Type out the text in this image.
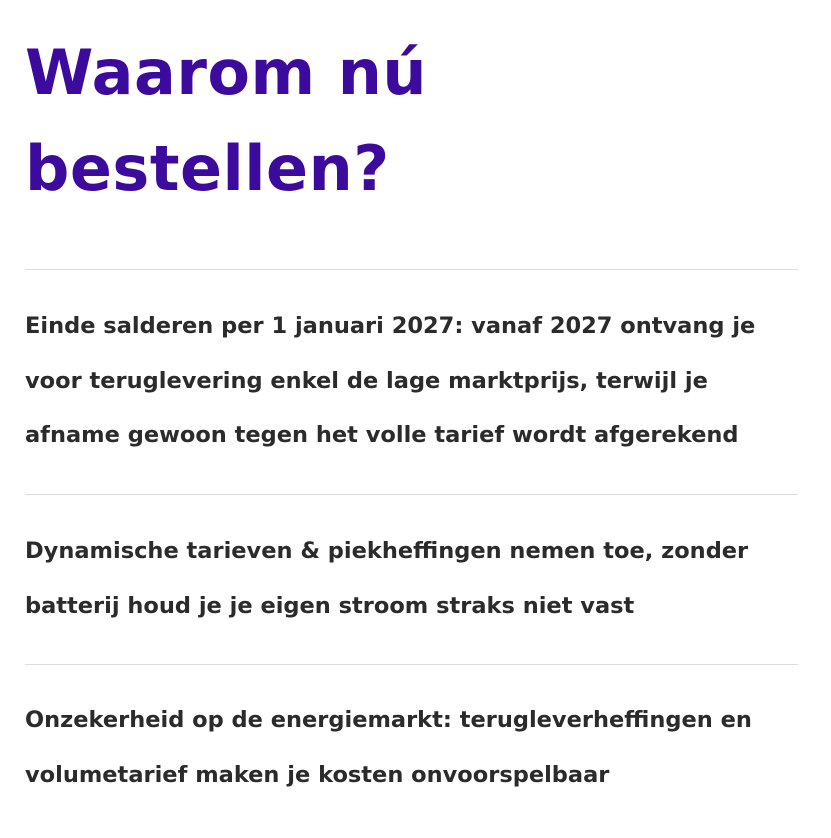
Waarom nú bestellen?

Einde salderen per 1 januari 2027: vanaf 2027 ontvang je voor teruglevering enkel de lage marktprijs, terwijl je afname gewoon tegen het volle tarief wordt afgerekend

Dynamische tarieven & piekheffingen nemen toe, zonder batterij houd je je eigen stroom straks niet vast

Onzekerheid op de energiemarkt: terugleverheffingen en volumetarief maken je kosten onvoorspelbaar
